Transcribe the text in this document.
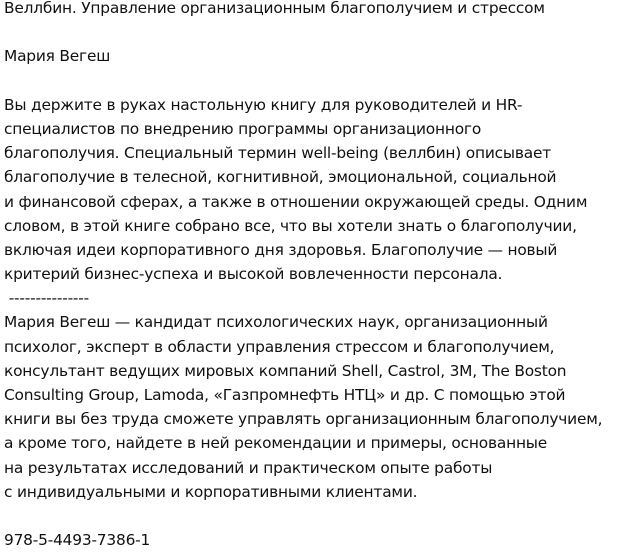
Веллбин. Управление организационным благополучием и стрессом
Мария Вегеш
Вы держите в руках настольную книгу для руководителей и HR-
специалистов по внедрению программы организационного
благополучия. Специальный термин well-being (веллбин) описывает
благополучие в телесной, когнитивной, эмоциональной, социальной
и финансовой сферах, а также в отношении окружающей среды. Одним
словом, в этой книге собрано все, что вы хотели знать о благополучии,
включая идеи корпоративного дня здоровья. Благополучие — новый
критерий бизнес-успеха и высокой вовлеченности персонала.
---------------
Мария Вегеш — кандидат психологических наук, организационный
психолог, эксперт в области управления стрессом и благополучием,
консультант ведущих мировых компаний Shell, Castrol, 3M, The Boston
Consulting Group, Lamoda, «Газпромнефть НТЦ» и др. С помощью этой
книги вы без труда сможете управлять организационным благополучием,
а кроме того, найдете в ней рекомендации и примеры, основанные
на результатах исследований и практическом опыте работы
с индивидуальными и корпоративными клиентами.
978-5-4493-7386-1
